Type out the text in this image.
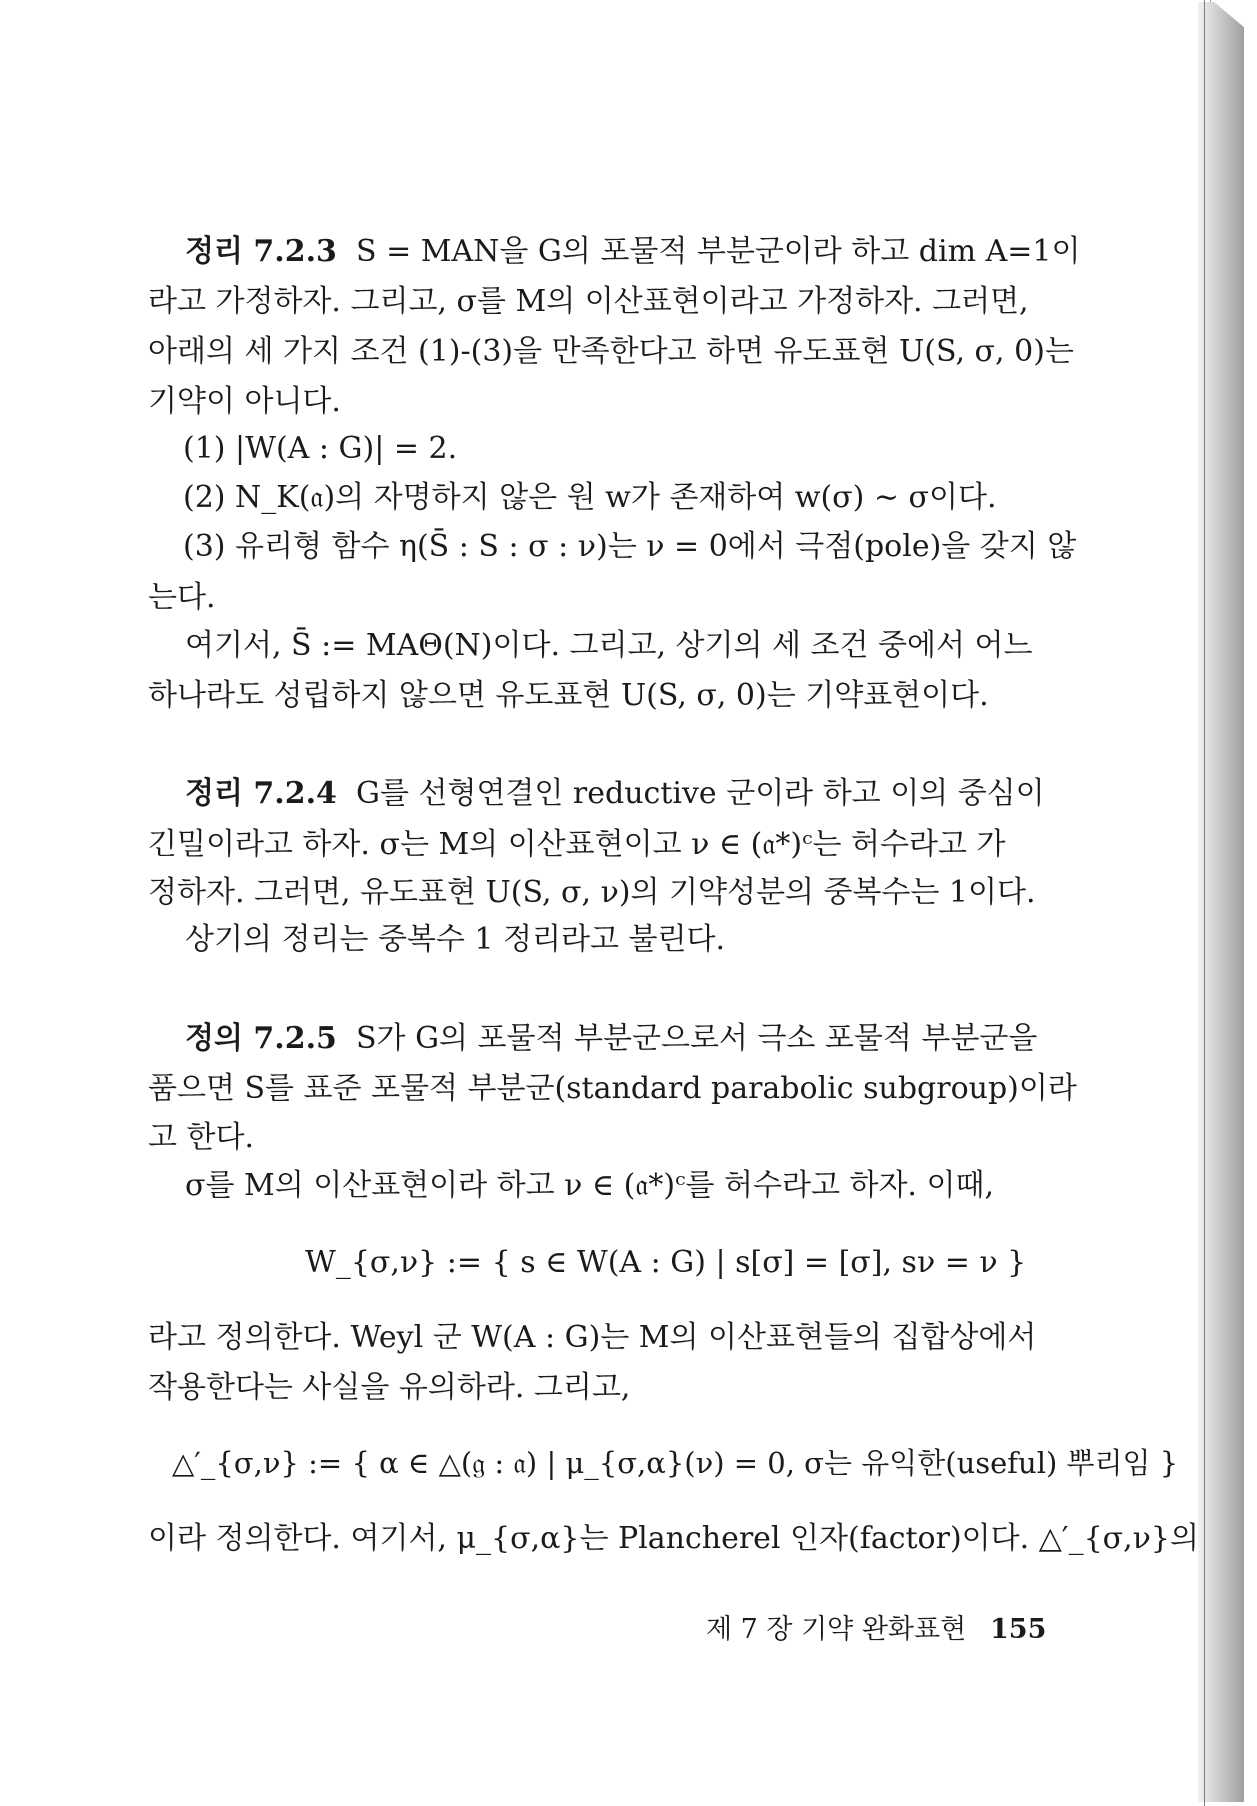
정리 7.2.3 S = MAN을 G의 포물적 부분군이라 하고 dim A=1이
라고 가정하자. 그리고, σ를 M의 이산표현이라고 가정하자. 그러면,
아래의 세 가지 조건 (1)-(3)을 만족한다고 하면 유도표현 U(S, σ, 0)는
기약이 아니다.
(1) |W(A : G)| = 2.
(2) N_K(𝔞)의 자명하지 않은 원 w가 존재하여 w(σ) ∼ σ이다.
(3) 유리형 함수 η(S̄ : S : σ : ν)는 ν = 0에서 극점(pole)을 갖지 않
는다.
여기서, S̄ := MAΘ(N)이다. 그리고, 상기의 세 조건 중에서 어느
하나라도 성립하지 않으면 유도표현 U(S, σ, 0)는 기약표현이다.
정리 7.2.4 G를 선형연결인 reductive 군이라 하고 이의 중심이
긴밀이라고 하자. σ는 M의 이산표현이고 ν ∈ (𝔞*)ᶜ는 허수라고 가
정하자. 그러면, 유도표현 U(S, σ, ν)의 기약성분의 중복수는 1이다.
상기의 정리는 중복수 1 정리라고 불린다.
정의 7.2.5 S가 G의 포물적 부분군으로서 극소 포물적 부분군을
품으면 S를 표준 포물적 부분군(standard parabolic subgroup)이라
고 한다.
σ를 M의 이산표현이라 하고 ν ∈ (𝔞*)ᶜ를 허수라고 하자. 이때,
W_{σ,ν} := { s ∈ W(A : G) | s[σ] = [σ], sν = ν }
라고 정의한다. Weyl 군 W(A : G)는 M의 이산표현들의 집합상에서
작용한다는 사실을 유의하라. 그리고,
△′_{σ,ν} := { α ∈ △(𝔤 : 𝔞) | μ_{σ,α}(ν) = 0, σ는 유익한(useful) 뿌리임 }
이라 정의한다. 여기서, μ_{σ,α}는 Plancherel 인자(factor)이다. △′_{σ,ν}의
제 7 장 기약 완화표현 155
